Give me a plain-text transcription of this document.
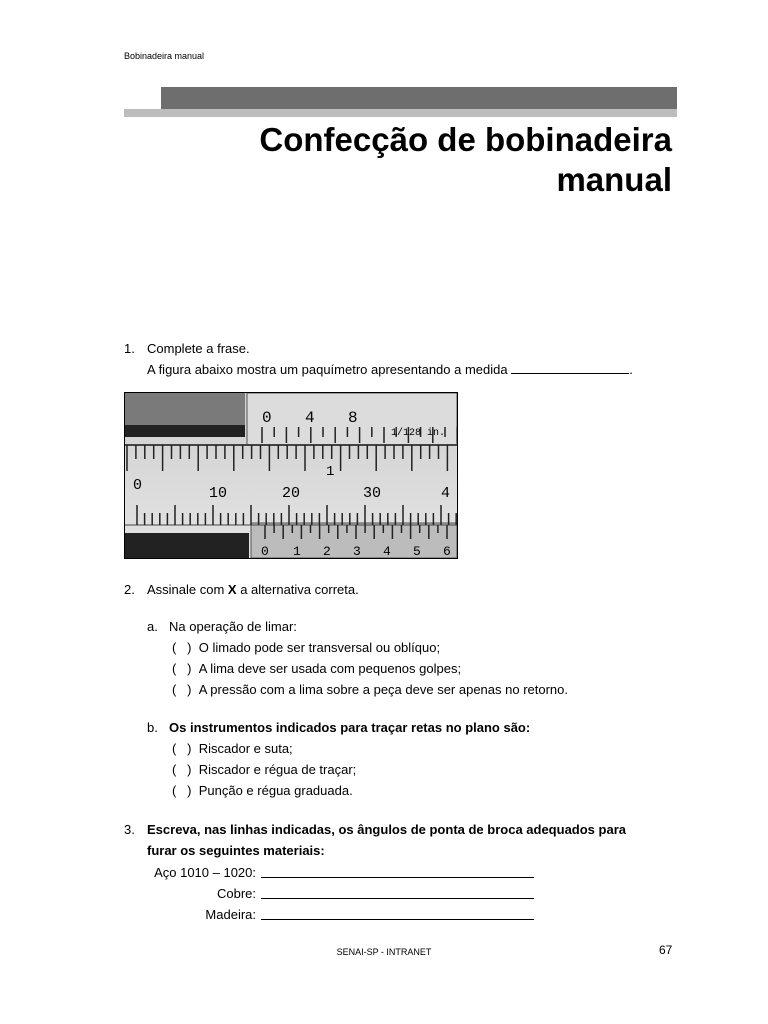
Bobinadeira manual
Confecção de bobinadeira
manual
1. Complete a frase.
A figura abaixo mostra um paquímetro apresentando a medida	.
0 4 8
1/128 in.
1
0	10	20	30	4
0 1 2 3 4 5 6
2. Assinale com X a alternativa correta.
a. Na operação de limar:
(   ) O limado pode ser transversal ou oblíquo;
(   ) A lima deve ser usada com pequenos golpes;
(   ) A pressão com a lima sobre a peça deve ser apenas no retorno.
b. Os instrumentos indicados para traçar retas no plano são:
(   ) Riscador e suta;
(   ) Riscador e régua de traçar;
(   ) Punção e régua graduada.
3. Escreva, nas linhas indicadas, os ângulos de ponta de broca adequados para
furar os seguintes materiais:
Aço 1010 – 1020:
Cobre:
Madeira:
SENAI-SP - INTRANET	67
